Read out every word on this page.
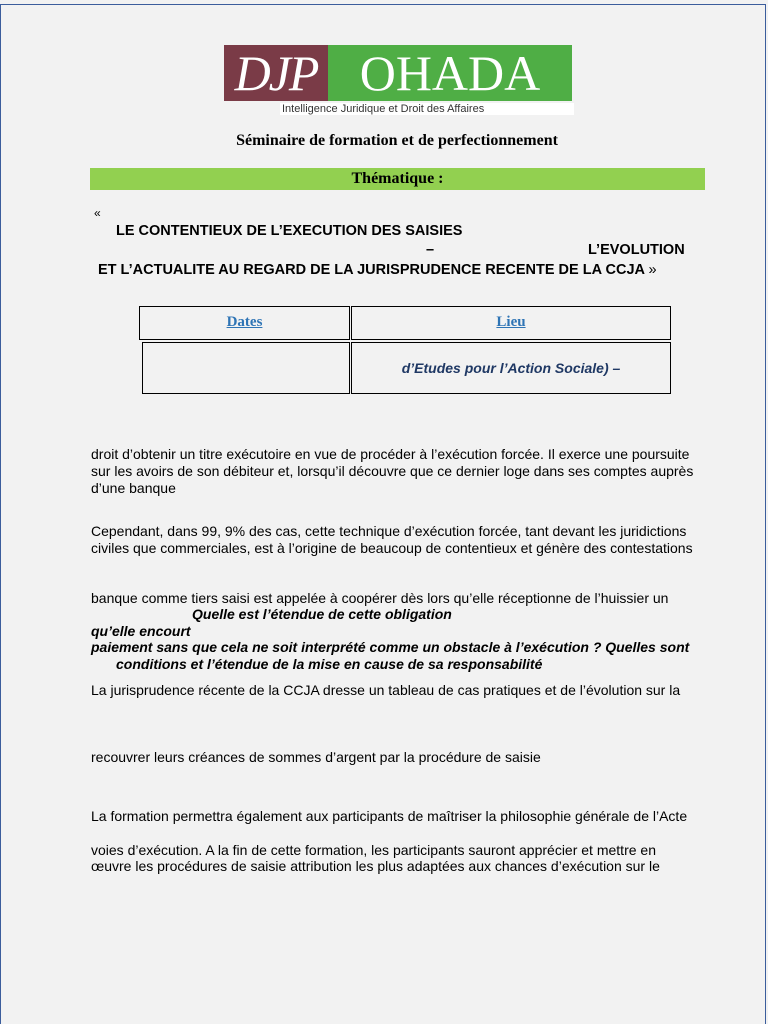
DJP OHADA
Intelligence Juridique et Droit des Affaires
Séminaire de formation et de perfectionnement
Thématique :
«
LE CONTENTIEUX DE L’EXECUTION DES SAISIES
–	L’EVOLUTION
ET L’ACTUALITE AU REGARD DE LA JURISPRUDENCE RECENTE DE LA CCJA »
Dates	Lieu
d’Etudes pour l’Action Sociale) –
droit d’obtenir un titre exécutoire en vue de procéder à l’exécution forcée. Il exerce une poursuite
sur les avoirs de son débiteur et, lorsqu’il découvre que ce dernier loge dans ses comptes auprès
d’une banque
Cependant, dans 99, 9% des cas, cette technique d’exécution forcée, tant devant les juridictions
civiles que commerciales, est à l’origine de beaucoup de contentieux et génère des contestations
banque comme tiers saisi est appelée à coopérer dès lors qu’elle réceptionne de l’huissier un
Quelle est l’étendue de cette obligation
qu’elle encourt
paiement sans que cela ne soit interprété comme un obstacle à l’exécution ? Quelles sont
conditions et l’étendue de la mise en cause de sa responsabilité
La jurisprudence récente de la CCJA dresse un tableau de cas pratiques et de l’évolution sur la
recouvrer leurs créances de sommes d’argent par la procédure de saisie
La formation permettra également aux participants de maîtriser la philosophie générale de l’Acte
voies d’exécution. A la fin de cette formation, les participants sauront apprécier et mettre en
œuvre les procédures de saisie attribution les plus adaptées aux chances d’exécution sur le
